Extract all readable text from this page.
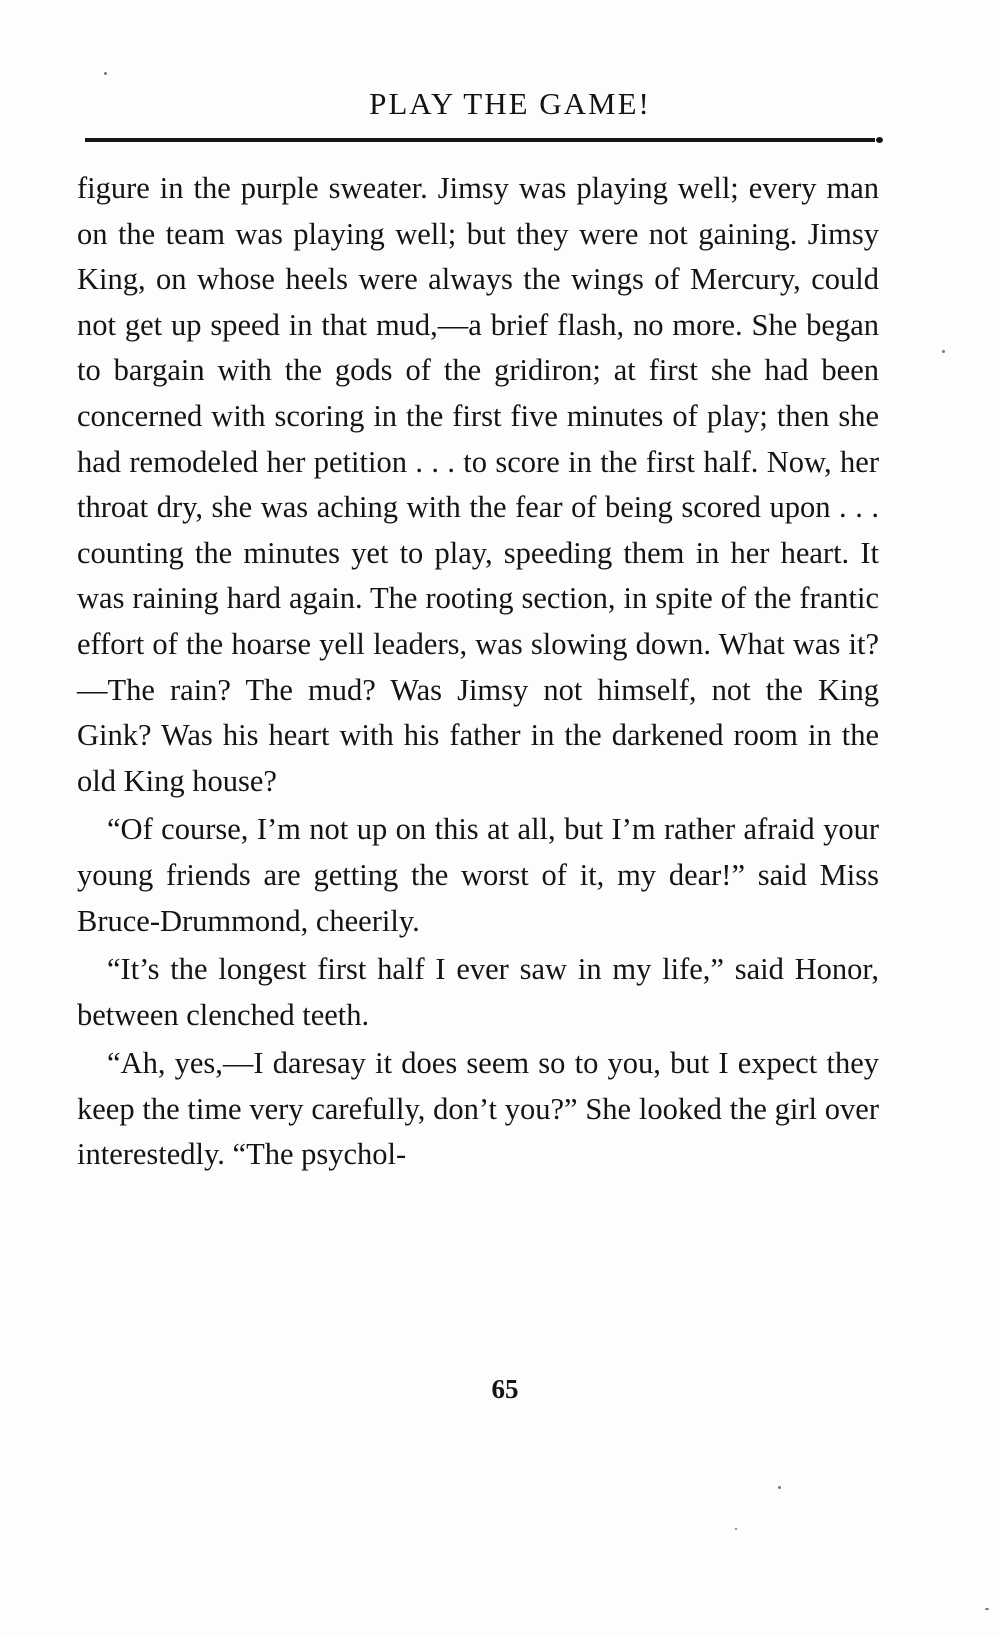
PLAY THE GAME!

figure in the purple sweater. Jimsy was playing well; every man on the team was playing well; but they were not gaining. Jimsy King, on whose heels were always the wings of Mercury, could not get up speed in that mud,—a brief flash, no more. She began to bargain with the gods of the gridiron; at first she had been concerned with scoring in the first five minutes of play; then she had remodeled her petition . . . to score in the first half. Now, her throat dry, she was aching with the fear of being scored upon . . . counting the minutes yet to play, speeding them in her heart. It was raining hard again. The rooting section, in spite of the frantic effort of the hoarse yell leaders, was slowing down. What was it?—The rain? The mud? Was Jimsy not himself, not the King Gink? Was his heart with his father in the darkened room in the old King house?

“Of course, I’m not up on this at all, but I’m rather afraid your young friends are getting the worst of it, my dear!” said Miss Bruce-Drummond, cheerily.

“It’s the longest first half I ever saw in my life,” said Honor, between clenched teeth.

“Ah, yes,—I daresay it does seem so to you, but I expect they keep the time very carefully, don’t you?” She looked the girl over interestedly. “The psychol-

65
